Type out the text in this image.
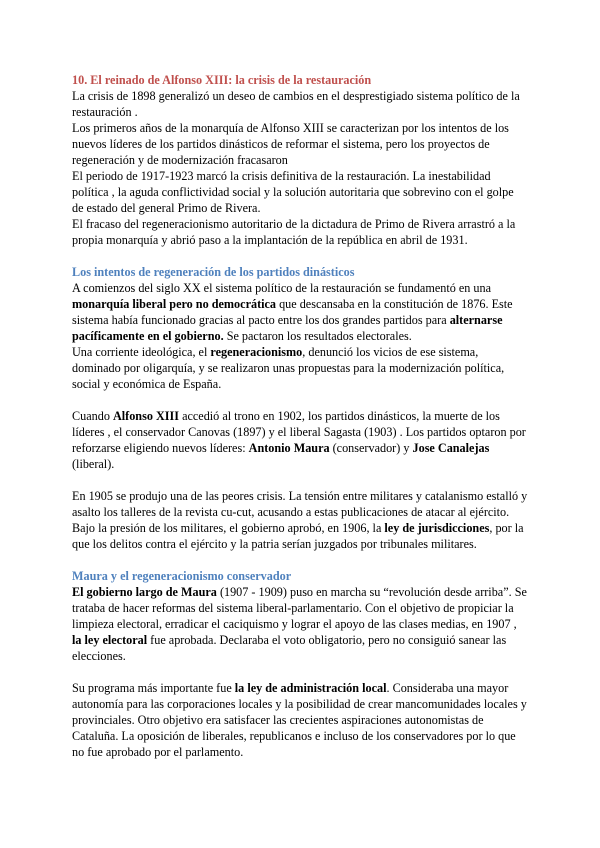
10. El reinado de Alfonso XIII: la crisis de la restauración

La crisis de 1898 generalizó un deseo de cambios en el desprestigiado sistema político de la restauración .

Los primeros años de la monarquía de Alfonso XIII se caracterizan por los intentos de los nuevos líderes de los partidos dinásticos de reformar el sistema, pero los proyectos de regeneración y de modernización fracasaron

El periodo de 1917-1923 marcó la crisis definitiva de la restauración. La inestabilidad política , la aguda conflictividad social y la solución autoritaria que sobrevino con el golpe de estado del general Primo de Rivera.

El fracaso del regeneracionismo autoritario de la dictadura de Primo de Rivera arrastró a la propia monarquía y abrió paso a la implantación de la república en abril de 1931.

Los intentos de regeneración de los partidos dinásticos

A comienzos del siglo XX el sistema político de la restauración se fundamentó en una monarquía liberal pero no democrática que descansaba en la constitución de 1876. Este sistema había funcionado gracias al pacto entre los dos grandes partidos para alternarse pacíficamente en el gobierno. Se pactaron los resultados electorales.

Una corriente ideológica, el regeneracionismo, denunció los vicios de ese sistema, dominado por oligarquía, y se realizaron unas propuestas para la modernización política, social y económica de España.

Cuando Alfonso XIII accedió al trono en 1902, los partidos dinásticos, la muerte de los líderes , el conservador Canovas (1897) y el liberal Sagasta (1903) . Los partidos optaron por reforzarse eligiendo nuevos líderes: Antonio Maura (conservador) y Jose Canalejas (liberal).

En 1905 se produjo una de las peores crisis. La tensión entre militares y catalanismo estalló y asalto los talleres de la revista cu-cut, acusando a estas publicaciones de atacar al ejército.

Bajo la presión de los militares, el gobierno aprobó, en 1906, la ley de jurisdicciones, por la que los delitos contra el ejército y la patria serían juzgados por tribunales militares.

Maura y el regeneracionismo conservador

El gobierno largo de Maura (1907 - 1909) puso en marcha su “revolución desde arriba”. Se trataba de hacer reformas del sistema liberal-parlamentario. Con el objetivo de propiciar la limpieza electoral, erradicar el caciquismo y lograr el apoyo de las clases medias, en 1907 , la ley electoral fue aprobada. Declaraba el voto obligatorio, pero no consiguió sanear las elecciones.

Su programa más importante fue la ley de administración local. Consideraba una mayor autonomía para las corporaciones locales y la posibilidad de crear mancomunidades locales y provinciales. Otro objetivo era satisfacer las crecientes aspiraciones autonomistas de Cataluña. La oposición de liberales, republicanos e incluso de los conservadores por lo que no fue aprobado por el parlamento.
